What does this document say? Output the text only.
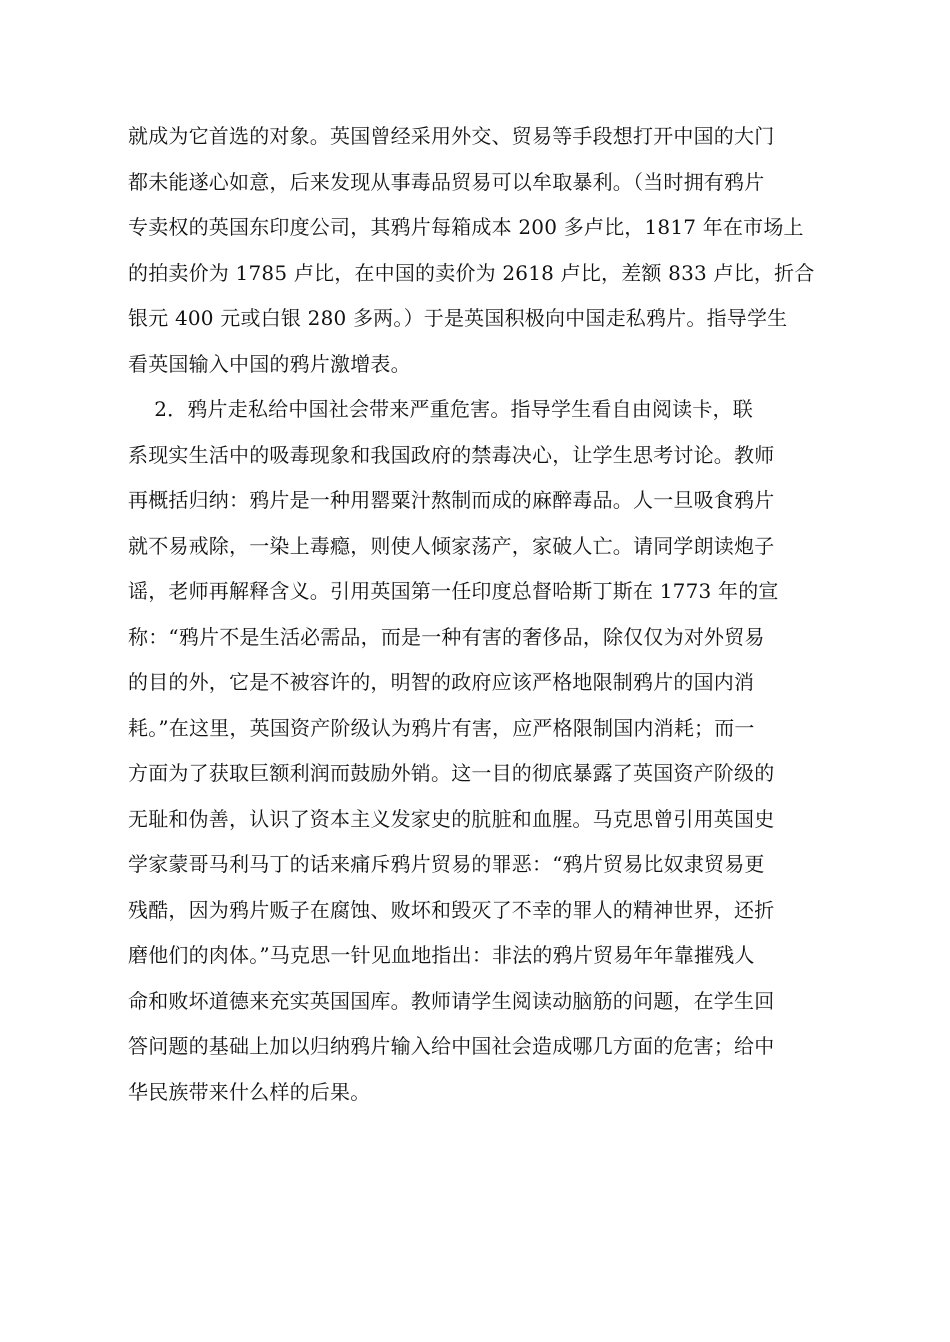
就成为它首选的对象。英国曾经采用外交、贸易等手段想打开中国的大门
都未能遂心如意，后来发现从事毒品贸易可以牟取暴利。（当时拥有鸦片
专卖权的英国东印度公司，其鸦片每箱成本 200 多卢比，1817 年在市场上
的拍卖价为 1785 卢比，在中国的卖价为 2618 卢比，差额 833 卢比，折合
银元 400 元或白银 280 多两。）于是英国积极向中国走私鸦片。指导学生
看英国输入中国的鸦片激增表。
2．鸦片走私给中国社会带来严重危害。指导学生看自由阅读卡，联
系现实生活中的吸毒现象和我国政府的禁毒决心，让学生思考讨论。教师
再概括归纳：鸦片是一种用罂粟汁熬制而成的麻醉毒品。人一旦吸食鸦片
就不易戒除，一染上毒瘾，则使人倾家荡产，家破人亡。请同学朗读炮子
谣，老师再解释含义。引用英国第一任印度总督哈斯丁斯在 1773 年的宣
称：“鸦片不是生活必需品，而是一种有害的奢侈品，除仅仅为对外贸易
的目的外，它是不被容许的，明智的政府应该严格地限制鸦片的国内消
耗。”在这里，英国资产阶级认为鸦片有害，应严格限制国内消耗；而一
方面为了获取巨额利润而鼓励外销。这一目的彻底暴露了英国资产阶级的
无耻和伪善，认识了资本主义发家史的肮脏和血腥。马克思曾引用英国史
学家蒙哥马利马丁的话来痛斥鸦片贸易的罪恶：“鸦片贸易比奴隶贸易更
残酷，因为鸦片贩子在腐蚀、败坏和毁灭了不幸的罪人的精神世界，还折
磨他们的肉体。”马克思一针见血地指出：非法的鸦片贸易年年靠摧残人
命和败坏道德来充实英国国库。教师请学生阅读动脑筋的问题，在学生回
答问题的基础上加以归纳鸦片输入给中国社会造成哪几方面的危害；给中
华民族带来什么样的后果。
